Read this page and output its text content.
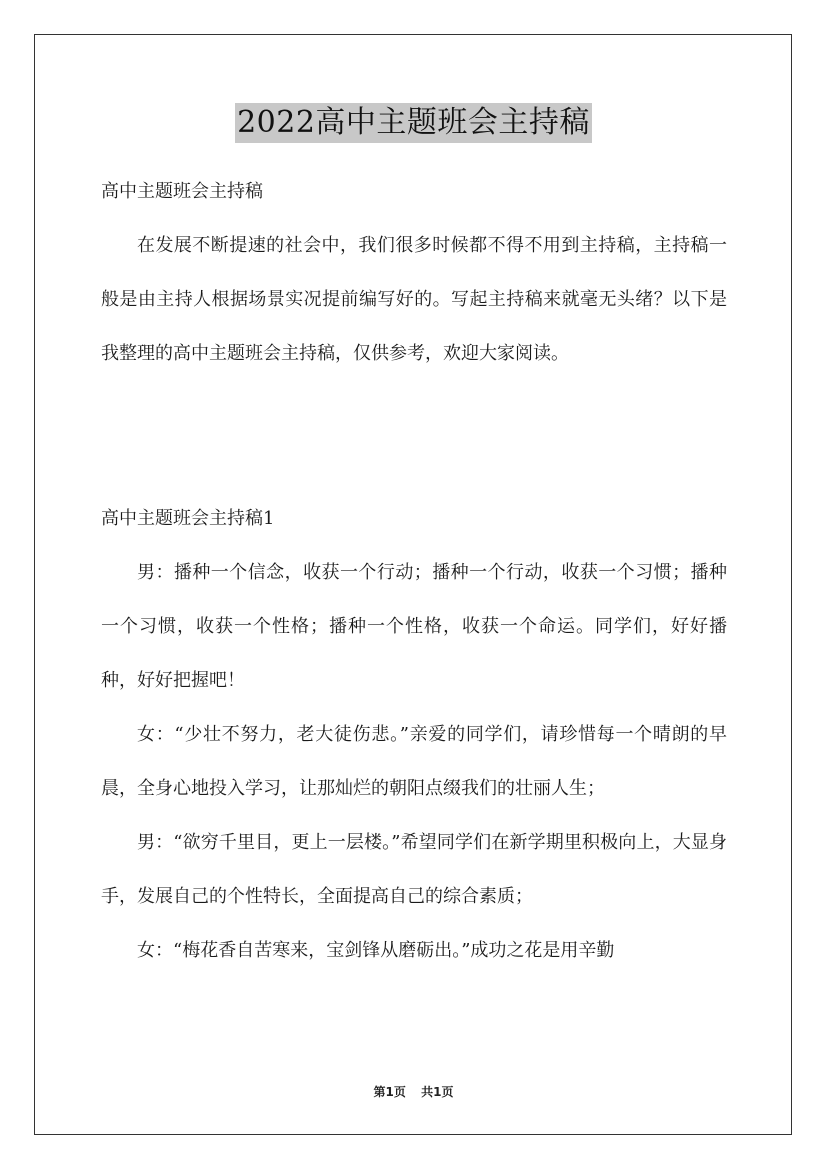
2022高中主题班会主持稿
高中主题班会主持稿

在发展不断提速的社会中，我们很多时候都不得不用到主持稿，主持稿一般是由主持人根据场景实况提前编写好的。写起主持稿来就毫无头绪？以下是我整理的高中主题班会主持稿，仅供参考，欢迎大家阅读。

高中主题班会主持稿1

男：播种一个信念，收获一个行动；播种一个行动，收获一个习惯；播种一个习惯，收获一个性格；播种一个性格，收获一个命运。同学们，好好播种，好好把握吧！

女：“少壮不努力，老大徒伤悲。”亲爱的同学们，请珍惜每一个晴朗的早晨，全身心地投入学习，让那灿烂的朝阳点缀我们的壮丽人生；

男：“欲穷千里目，更上一层楼。”希望同学们在新学期里积极向上，大显身手，发展自己的个性特长，全面提高自己的综合素质；

女：“梅花香自苦寒来，宝剑锋从磨砺出。”成功之花是用辛勤

第1页 共1页
